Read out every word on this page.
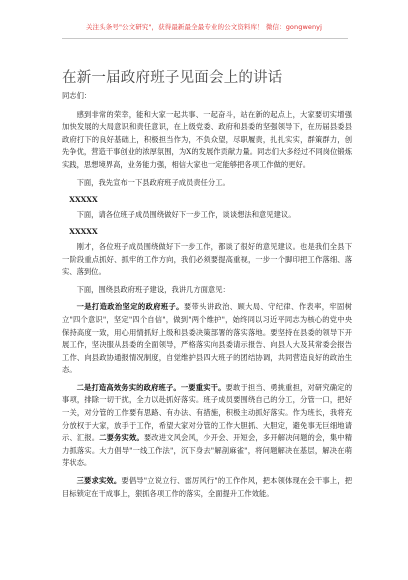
关注头条号"公文研究"，获得最新最全最专业的公文资料库！ 微信：gongwenyj
在新一届政府班子见面会上的讲话

同志们：

感到非常的荣幸，能和大家一起共事、一起奋斗，站在新的起点上，大家要切实增强加快发展的大局意识和责任意识，在上级党委、政府和县委的坚强领导下，在历届县委县政府打下的良好基础上，积极担当作为，不负众望，尽职履责，扎扎实实，群策群力，创先争优，营造干事创业的浓厚氛围，为X的发展作贡献力量。同志们大多经过不同岗位锻炼实践，思想境界高，业务能力强，相信大家也一定能够把各项工作做的更好。

下面，我先宣布一下县政府班子成员责任分工。

XXXXX

下面，请各位班子成员围绕做好下一步工作，谈谈想法和意见建议。

XXXXX

刚才，各位班子成员围绕做好下一步工作，都谈了很好的意见建议。也是我们全县下一阶段重点抓好、抓牢的工作方向，我们必须要提高重视，一步一个脚印把工作落细、落实、落到位。

下面，围绕县政府班子建设，我讲几方面意见：

一是打造政治坚定的政府班子。要带头讲政治、顾大局、守纪律、作表率，牢固树立"四个意识"，坚定"四个自信"，做到"两个维护"，始终同以习近平同志为核心的党中央保持高度一致，用心用情抓好上级和县委决策部署的落实落地。要坚持在县委的领导下开展工作，坚决服从县委的全面领导，严格落实向县委请示报告、向县人大及其常委会报告工作、向县政协通报情况制度，自觉维护县四大班子的团结协调，共同营造良好的政治生态。

二是打造高效务实的政府班子。一要重实干。要敢于担当、勇挑重担，对研究确定的事项，排除一切干扰，全力以赴抓好落实。班子成员要围绕自己的分工，分管一口，把好一关，对分管的工作要有思路、有办法、有措施，积极主动抓好落实。作为班长，我将充分放权于大家，放手于工作，希望大家对分管的工作大胆抓、大胆定，避免事无巨细地请示、汇报。二要务实效。要改进文风会风，少开会、开短会，多开解决问题的会，集中精力抓落实。大力倡导"一线工作法"，沉下身去"解剖麻雀"，将问题解决在基层，解决在萌芽状态。

三要求实效。要倡导"立说立行、雷厉风行"的工作作风，把本领体现在会干事上，把目标锁定在干成事上，狠抓各项工作的落实，全面提升工作效能。
